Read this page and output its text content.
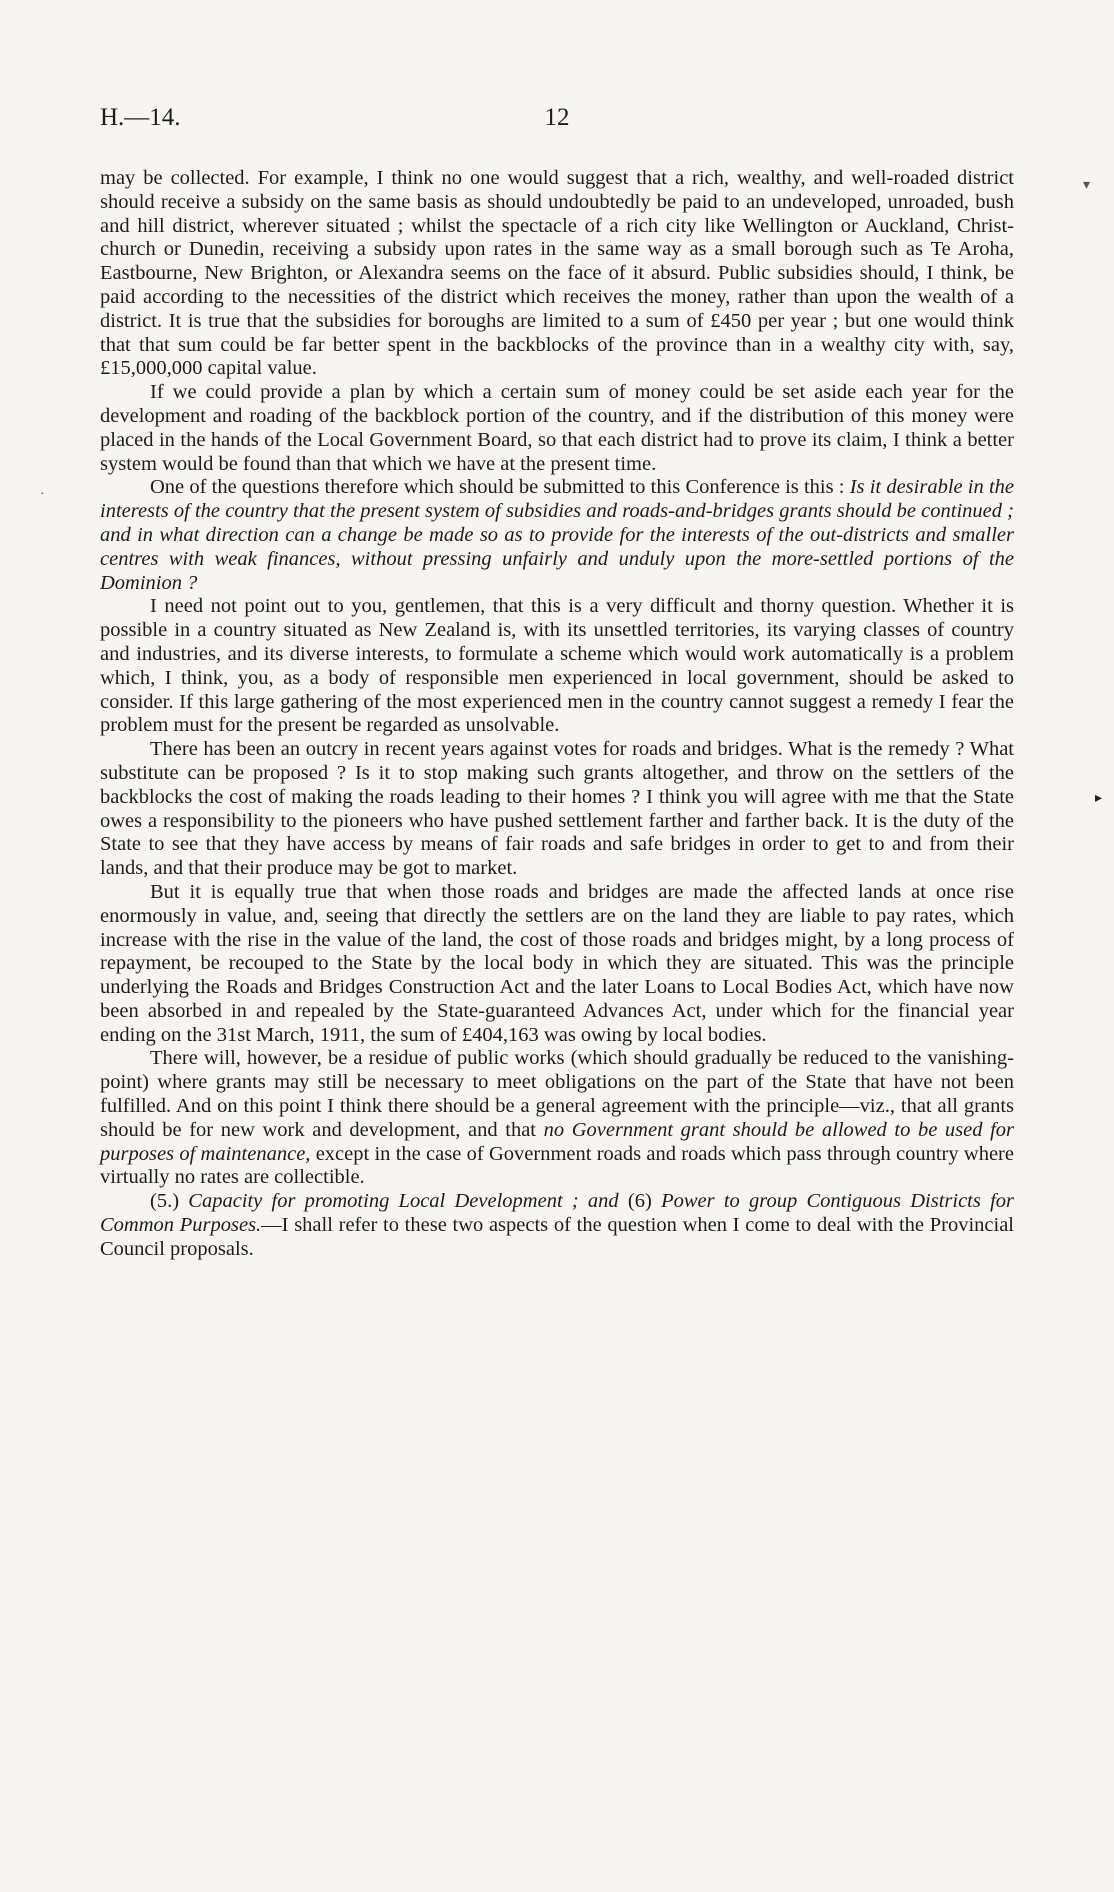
H.—14.	12

may be collected. For example, I think no one would suggest that a rich, wealthy, and well-roaded district should receive a subsidy on the same basis as should undoubtedly be paid to an undeveloped, unroaded, bush and hill district, wherever situated ; whilst the spectacle of a rich city like Wellington or Auckland, Christchurch or Dunedin, receiving a subsidy upon rates in the same way as a small borough such as Te Aroha, Eastbourne, New Brighton, or Alexandra seems on the face of it absurd. Public subsidies should, I think, be paid according to the necessities of the district which receives the money, rather than upon the wealth of a district. It is true that the subsidies for boroughs are limited to a sum of £450 per year ; but one would think that that sum could be far better spent in the backblocks of the province than in a wealthy city with, say, £15,000,000 capital value.

If we could provide a plan by which a certain sum of money could be set aside each year for the development and roading of the backblock portion of the country, and if the distribution of this money were placed in the hands of the Local Government Board, so that each district had to prove its claim, I think a better system would be found than that which we have at the present time.

One of the questions therefore which should be submitted to this Conference is this : Is it desirable in the interests of the country that the present system of subsidies and roads-and-bridges grants should be continued ; and in what direction can a change be made so as to provide for the interests of the out-districts and smaller centres with weak finances, without pressing unfairly and unduly upon the more-settled portions of the Dominion ?

I need not point out to you, gentlemen, that this is a very difficult and thorny question. Whether it is possible in a country situated as New Zealand is, with its unsettled territories, its varying classes of country and industries, and its diverse interests, to formulate a scheme which would work automatically is a problem which, I think, you, as a body of responsible men experienced in local government, should be asked to consider. If this large gathering of the most experienced men in the country cannot suggest a remedy I fear the problem must for the present be regarded as unsolvable.

There has been an outcry in recent years against votes for roads and bridges. What is the remedy ? What substitute can be proposed ? Is it to stop making such grants altogether, and throw on the settlers of the backblocks the cost of making the roads leading to their homes ? I think you will agree with me that the State owes a responsibility to the pioneers who have pushed settlement farther and farther back. It is the duty of the State to see that they have access by means of fair roads and safe bridges in order to get to and from their lands, and that their produce may be got to market.

But it is equally true that when those roads and bridges are made the affected lands at once rise enormously in value, and, seeing that directly the settlers are on the land they are liable to pay rates, which increase with the rise in the value of the land, the cost of those roads and bridges might, by a long process of repayment, be recouped to the State by the local body in which they are situated. This was the principle underlying the Roads and Bridges Construction Act and the later Loans to Local Bodies Act, which have now been absorbed in and repealed by the State-guaranteed Advances Act, under which for the financial year ending on the 31st March, 1911, the sum of £404,163 was owing by local bodies.

There will, however, be a residue of public works (which should gradually be reduced to the vanishing-point) where grants may still be necessary to meet obligations on the part of the State that have not been fulfilled. And on this point I think there should be a general agreement with the principle—viz., that all grants should be for new work and development, and that no Government grant should be allowed to be used for purposes of maintenance, except in the case of Government roads and roads which pass through country where virtually no rates are collectible.

(5.) Capacity for promoting Local Development ; and (6) Power to group Contiguous Districts for Common Purposes.—I shall refer to these two aspects of the question when I come to deal with the Provincial Council proposals.

▾
·
▸
